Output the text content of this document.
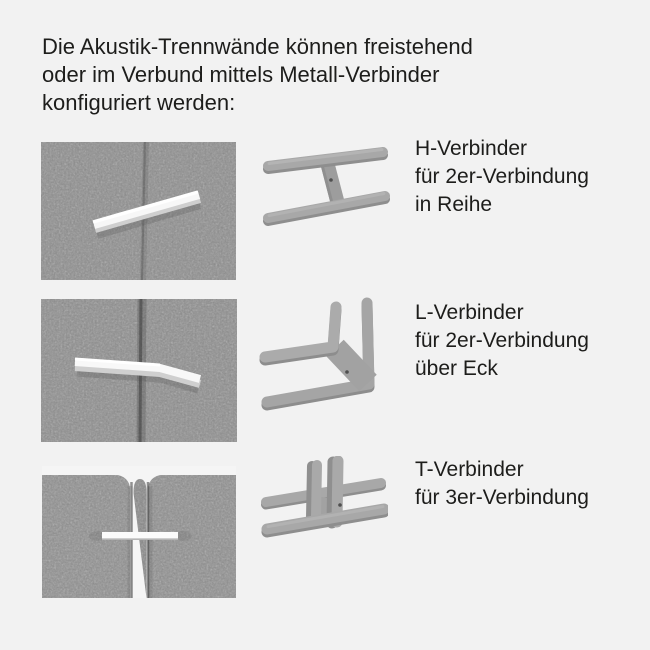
Die Akustik-Trennwände können freistehend
oder im Verbund mittels Metall-Verbinder
konfiguriert werden:
H-Verbinder
für 2er-Verbindung
in Reihe
L-Verbinder
für 2er-Verbindung
über Eck
T-Verbinder
für 3er-Verbindung
